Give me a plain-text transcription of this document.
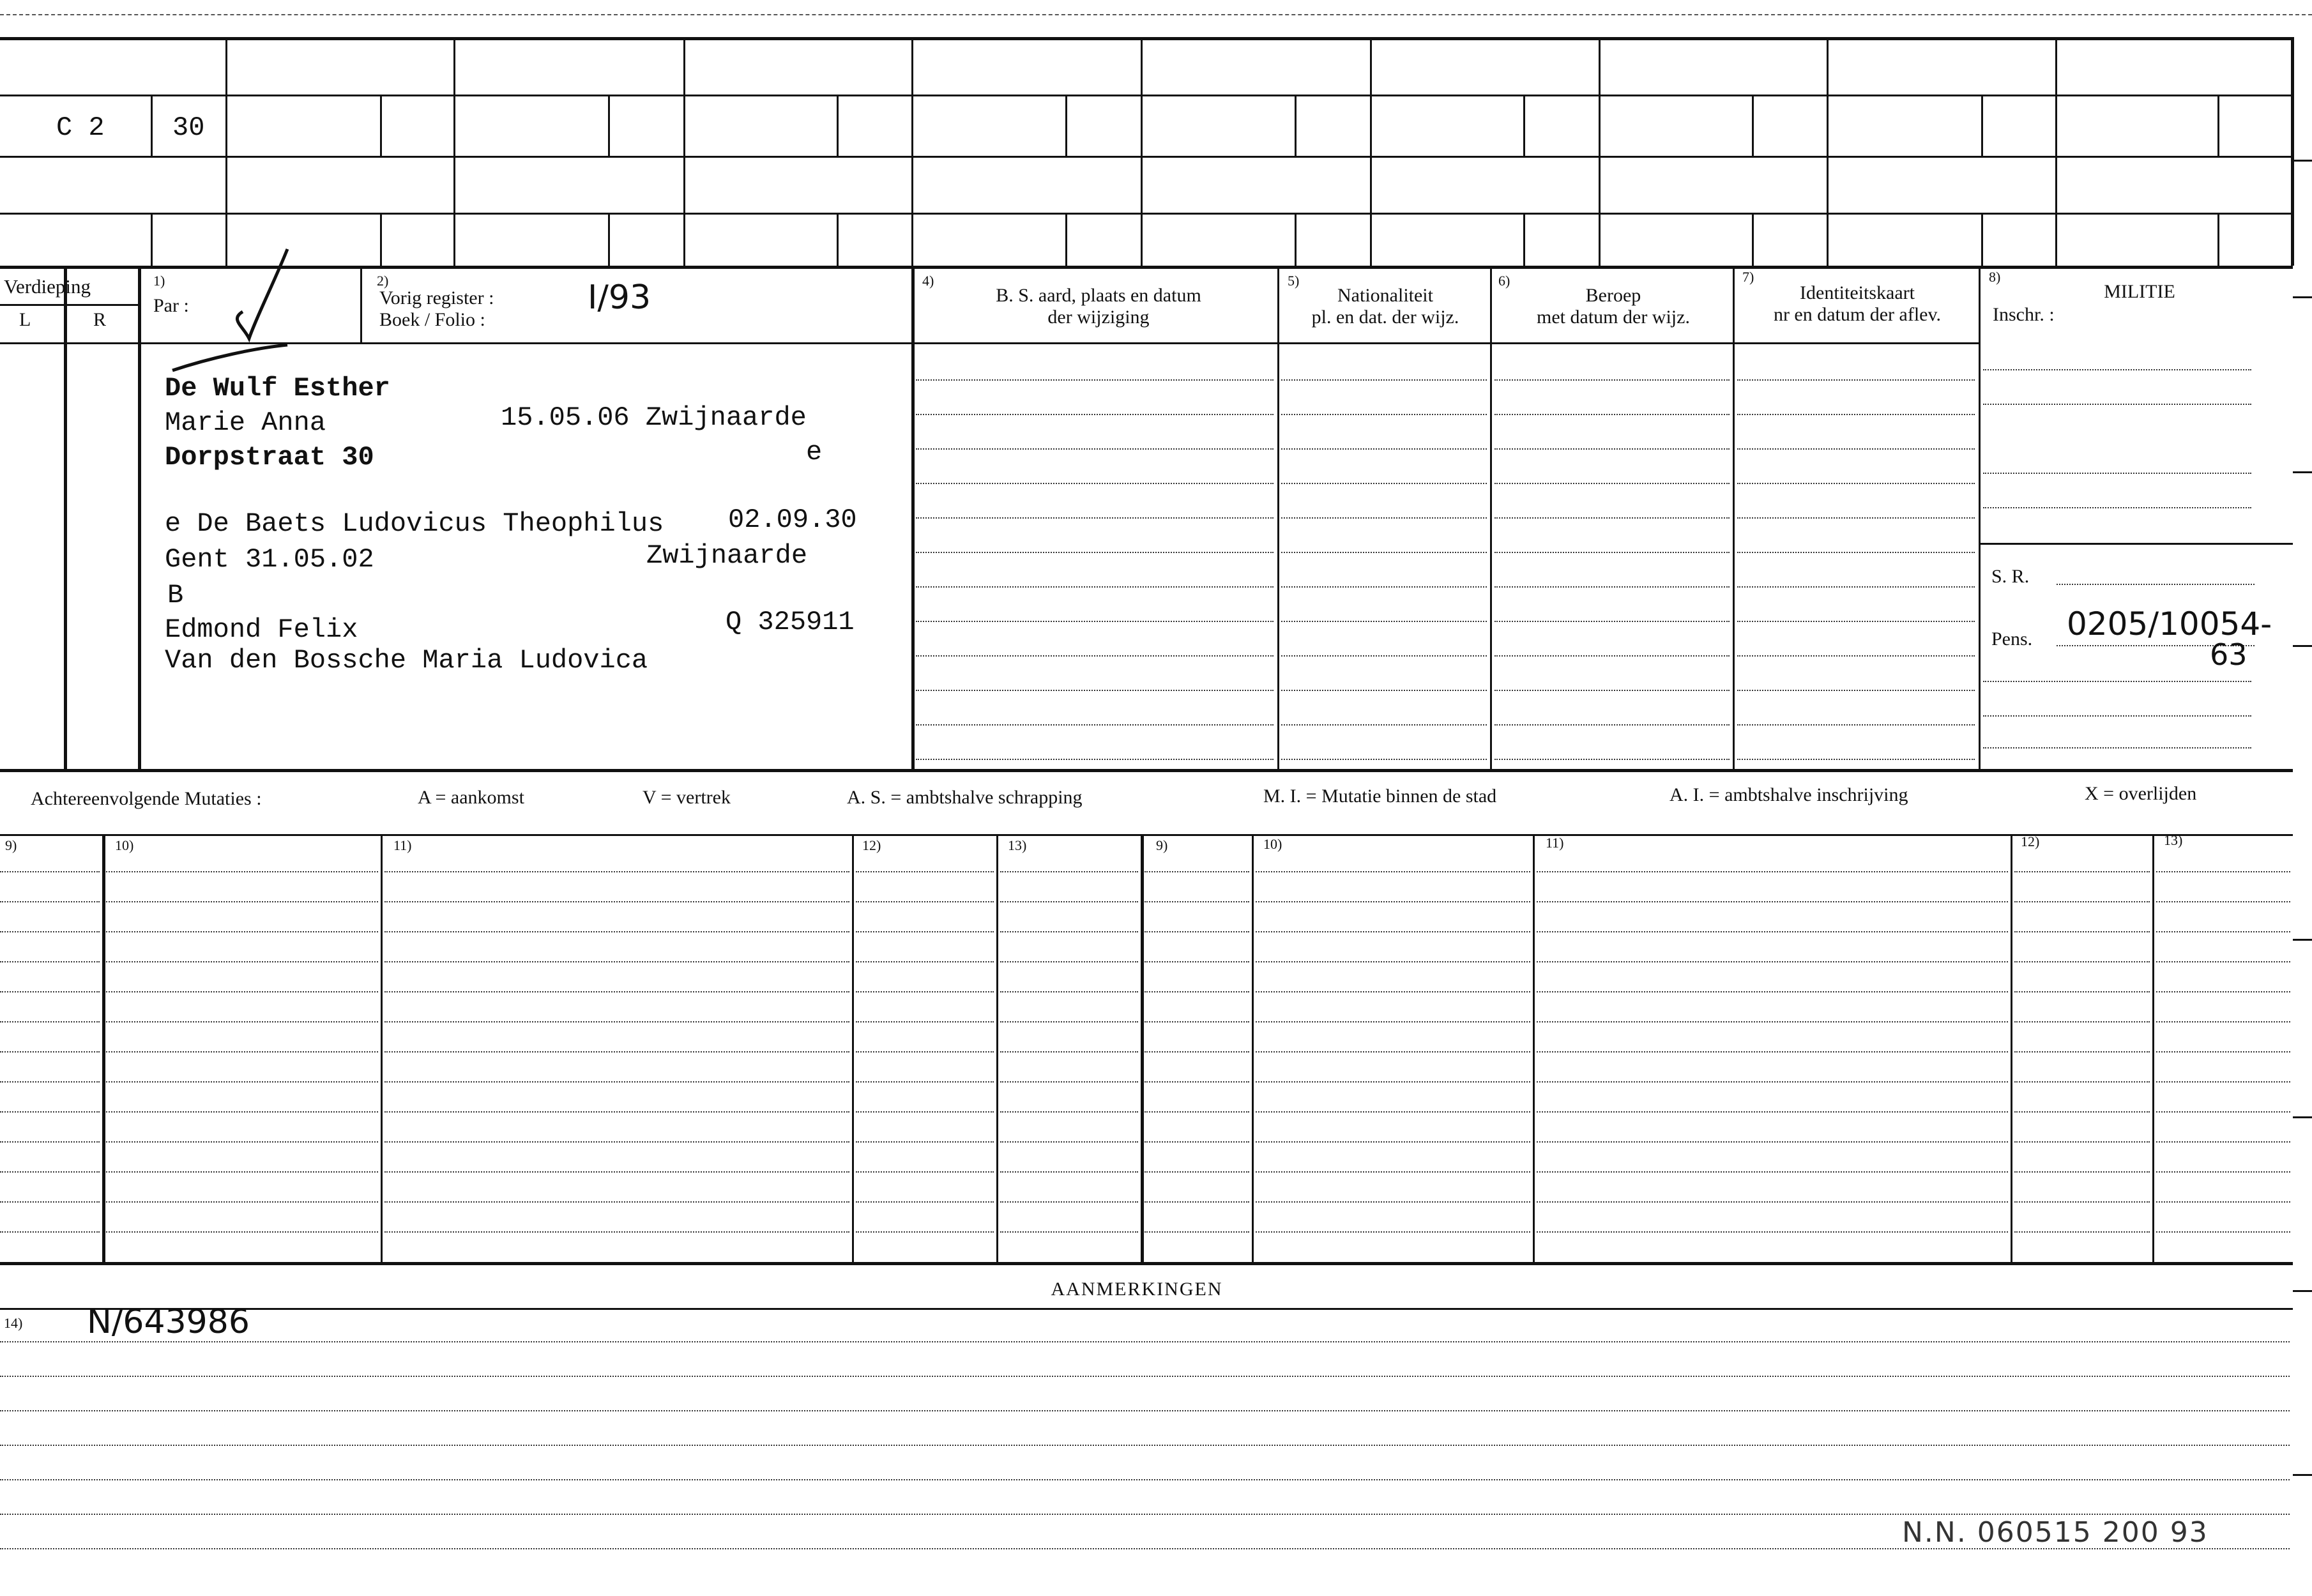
C 2	30
Verdieping
L	R
1)
Par :
2)
Vorig register :
Boek / Folio :
I/93	4)
B. S. aard, plaats en datum
der wijziging
5)
Nationaliteit
pl. en dat. der wijz.
6)
Beroep
met datum der wijz.
7)
Identiteitskaart
nr en datum der aflev.
8)
MILITIE
Inschr. :
S. R.
Pens. 0205/10054-
63
De Wulf Esther
Marie Anna	15.05.06 Zwijnaarde
Dorpstraat 30	e
e De Baets Ludovicus Theophilus 02.09.30
Gent 31.05.02	Zwijnaarde
B
Edmond Felix	Q 325911
Van den Bossche Maria Ludovica
Achtereenvolgende Mutaties :	A = aankomst	V = vertrek	A. S. = ambtshalve schrapping	M. I. = Mutatie binnen de stad	A. I. = ambtshalve inschrijving	X = overlijden
9)	10)	11)	12)	13)	9)	10)	11)	12)	13)
AANMERKINGEN
14) N/643986
N.N. 060515 200 93
